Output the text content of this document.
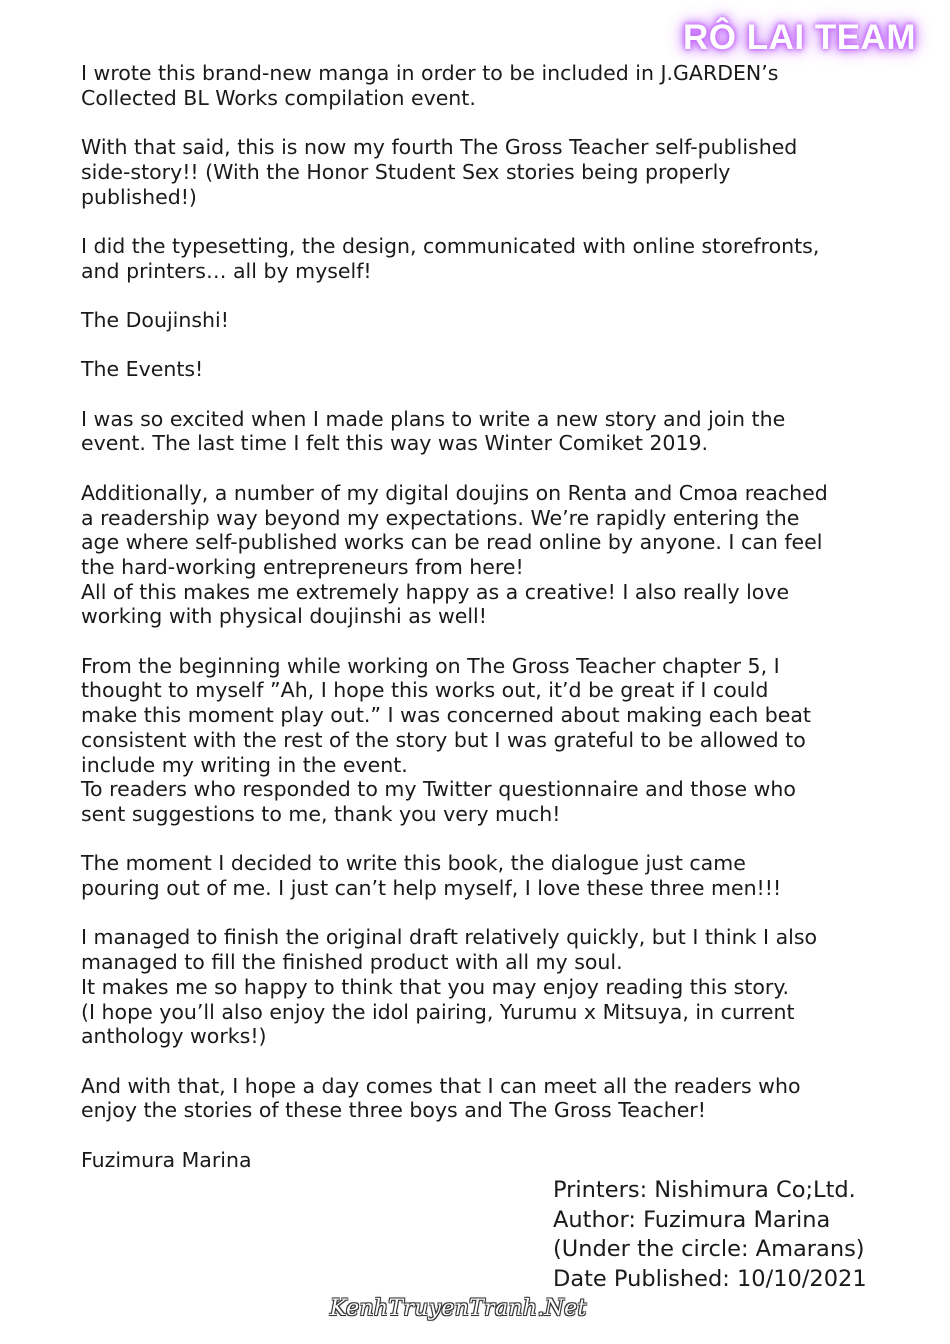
RÔ LAI TEAM

I wrote this brand-new manga in order to be included in J.GARDEN’s
Collected BL Works compilation event.

With that said, this is now my fourth The Gross Teacher self-published
side-story!! (With the Honor Student Sex stories being properly
published!)

I did the typesetting, the design, communicated with online storefronts,
and printers… all by myself!

The Doujinshi!

The Events!

I was so excited when I made plans to write a new story and join the
event. The last time I felt this way was Winter Comiket 2019.

Additionally, a number of my digital doujins on Renta and Cmoa reached
a readership way beyond my expectations. We’re rapidly entering the
age where self-published works can be read online by anyone. I can feel
the hard-working entrepreneurs from here!
All of this makes me extremely happy as a creative! I also really love
working with physical doujinshi as well!

From the beginning while working on The Gross Teacher chapter 5, I
thought to myself ”Ah, I hope this works out, it’d be great if I could
make this moment play out.” I was concerned about making each beat
consistent with the rest of the story but I was grateful to be allowed to
include my writing in the event.
To readers who responded to my Twitter questionnaire and those who
sent suggestions to me, thank you very much!

The moment I decided to write this book, the dialogue just came
pouring out of me. I just can’t help myself, I love these three men!!!

I managed to finish the original draft relatively quickly, but I think I also
managed to fill the finished product with all my soul.
It makes me so happy to think that you may enjoy reading this story.
(I hope you’ll also enjoy the idol pairing, Yurumu x Mitsuya, in current
anthology works!)

And with that, I hope a day comes that I can meet all the readers who
enjoy the stories of these three boys and The Gross Teacher!

Fuzimura Marina

Printers: Nishimura Co;Ltd.
Author: Fuzimura Marina
(Under the circle: Amarans)
Date Published: 10/10/2021
KenhTruyenTranh.Net
